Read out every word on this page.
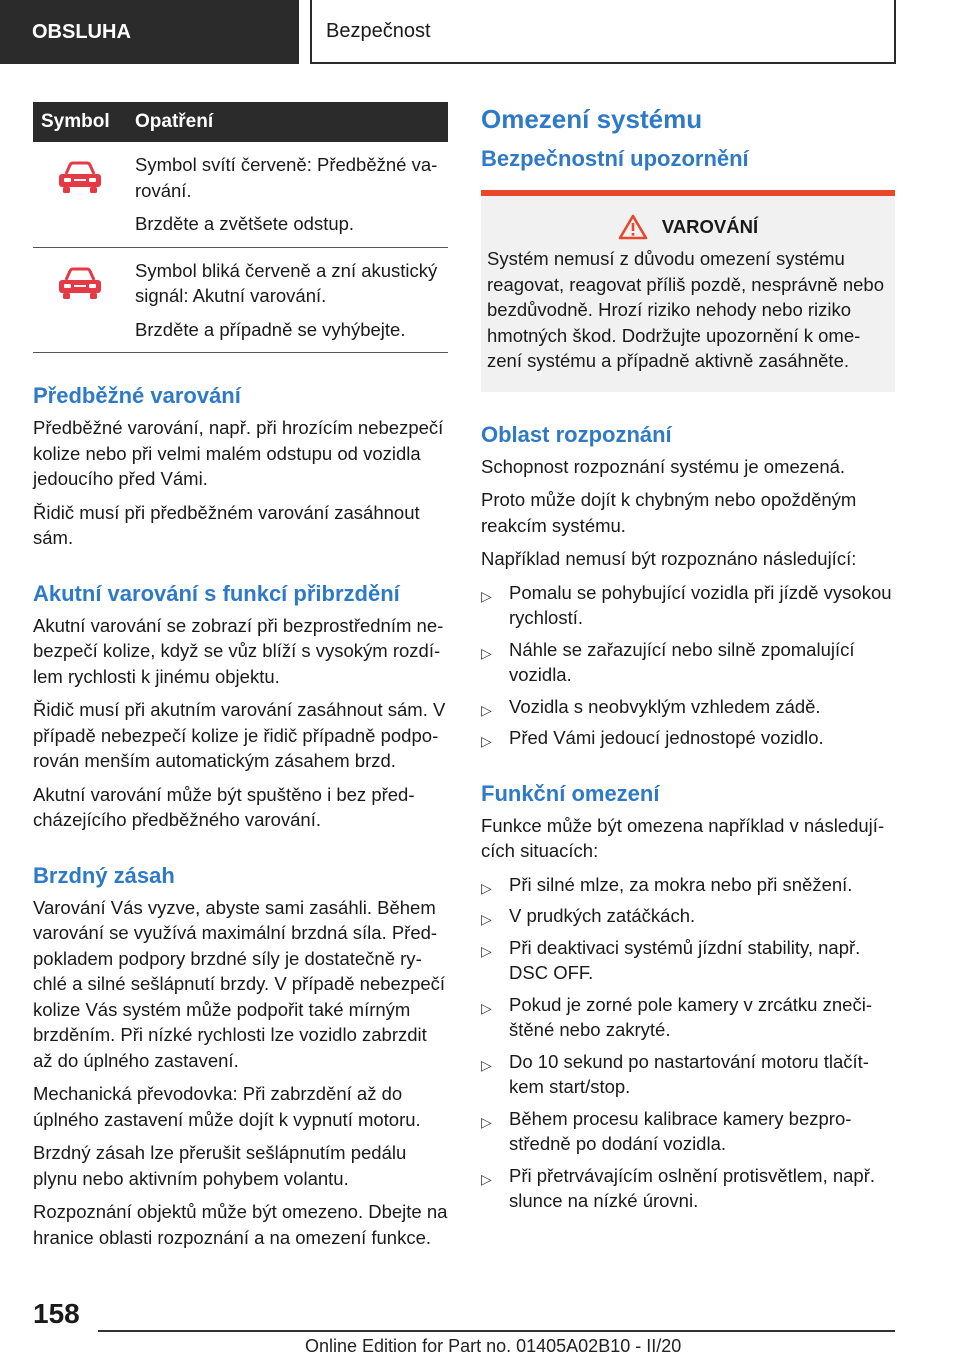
OBSLUHA	Bezpečnost
Symbol	Opatření

Symbol svítí červeně: Předběžné varování.

Brzděte a zvětšete odstup.

Symbol bliká červeně a zní akustický signál: Akutní varování.

Brzděte a případně se vyhýbejte.

Předběžné varování

Předběžné varování, např. při hrozícím nebezpečí kolize nebo při velmi malém odstupu od vozidla jedoucího před Vámi.

Řidič musí při předběžném varování zasáhnout sám.

Akutní varování s funkcí přibrzdění

Akutní varování se zobrazí při bezprostředním nebezpečí kolize, když se vůz blíží s vysokým rozdílem rychlosti k jinému objektu.

Řidič musí při akutním varování zasáhnout sám. V případě nebezpečí kolize je řidič případně podporován menším automatickým zásahem brzd.

Akutní varování může být spuštěno i bez předcházejícího předběžného varování.

Brzdný zásah

Varování Vás vyzve, abyste sami zasáhli. Během varování se využívá maximální brzdná síla. Předpokladem podpory brzdné síly je dostatečně rychlé a silné sešlápnutí brzdy. V případě nebezpečí kolize Vás systém může podpořit také mírným brzděním. Při nízké rychlosti lze vozidlo zabrzdit až do úplného zastavení.

Mechanická převodovka: Při zabrzdění až do úplného zastavení může dojít k vypnutí motoru.

Brzdný zásah lze přerušit sešlápnutím pedálu plynu nebo aktivním pohybem volantu.

Rozpoznání objektů může být omezeno. Dbejte na hranice oblasti rozpoznání a na omezení funkce.

Omezení systému
Bezpečnostní upozornění
VAROVÁNÍ

Systém nemusí z důvodu omezení systému reagovat, reagovat příliš pozdě, nesprávně nebo bezdůvodně. Hrozí riziko nehody nebo riziko hmotných škod. Dodržujte upozornění k omezení systému a případně aktivně zasáhněte.

Oblast rozpoznání

Schopnost rozpoznání systému je omezená.

Proto může dojít k chybným nebo opožděným reakcím systému.

Například nemusí být rozpoznáno následující:

▷ Pomalu se pohybující vozidla při jízdě vysokou rychlostí.
▷ Náhle se zařazující nebo silně zpomalující vozidla.
▷ Vozidla s neobvyklým vzhledem zádě.
▷ Před Vámi jedoucí jednostopé vozidlo.
Funkční omezení

Funkce může být omezena například v následujících situacích:

▷ Při silné mlze, za mokra nebo při sněžení.
▷ V prudkých zatáčkách.
▷ Při deaktivaci systémů jízdní stability, např. DSC OFF.
▷ Pokud je zorné pole kamery v zrcátku znečištěné nebo zakryté.
▷ Do 10 sekund po nastartování motoru tlačítkem start/stop.
▷ Během procesu kalibrace kamery bezprostředně po dodání vozidla.
▷ Při přetrvávajícím oslnění protisvětlem, např. slunce na nízké úrovni.
158
Online Edition for Part no. 01405A02B10 - II/20
